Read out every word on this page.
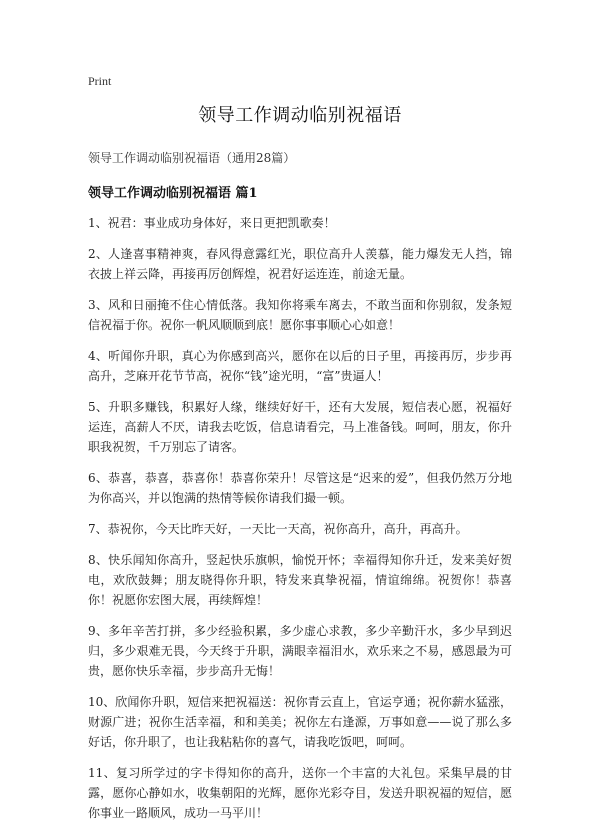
Print
领导工作调动临别祝福语

领导工作调动临别祝福语（通用28篇）

领导工作调动临别祝福语 篇1

1、祝君：事业成功身体好，来日更把凯歌奏！

2、人逢喜事精神爽，春风得意露红光，职位高升人羡慕，能力爆发无人挡，锦衣披上祥云降，再接再厉创辉煌，祝君好运连连，前途无量。

3、风和日丽掩不住心情低落。我知你将乘车离去，不敢当面和你别叙，发条短信祝福于你。祝你一帆风顺顺到底！愿你事事顺心心如意！

4、听闻你升职，真心为你感到高兴，愿你在以后的日子里，再接再厉，步步再高升，芝麻开花节节高，祝你“钱”途光明，“富”贵逼人！

5、升职多赚钱，积累好人缘，继续好好干，还有大发展，短信表心愿，祝福好运连，高薪人不厌，请我去吃饭，信息请看完，马上准备钱。呵呵，朋友，你升职我祝贺，千万别忘了请客。

6、恭喜，恭喜，恭喜你！恭喜你荣升！尽管这是“迟来的爱”，但我仍然万分地为你高兴，并以饱满的热情等候你请我们撮一顿。

7、恭祝你，今天比昨天好，一天比一天高，祝你高升，高升，再高升。

8、快乐闻知你高升，竖起快乐旗帜，愉悦开怀；幸福得知你升迁，发来美好贺电，欢欣鼓舞；朋友晓得你升职，特发来真挚祝福，情谊绵绵。祝贺你！恭喜你！祝愿你宏图大展，再续辉煌！

9、多年辛苦打拼，多少经验积累，多少虚心求教，多少辛勤汗水，多少早到迟归，多少艰难无畏，今天终于升职，满眼幸福泪水，欢乐来之不易，感恩最为可贵，愿你快乐幸福，步步高升无悔！

10、欣闻你升职，短信来把祝福送：祝你青云直上，官运亨通；祝你薪水猛涨，财源广进；祝你生活幸福，和和美美；祝你左右逢源，万事如意——说了那么多好话，你升职了，也让我粘粘你的喜气，请我吃饭吧，呵呵。

11、复习所学过的字卡得知你的高升，送你一个丰富的大礼包。采集早晨的甘露，愿你心静如水，收集朝阳的光辉，愿你光彩夺目，发送升职祝福的短信，愿你事业一路顺风，成功一马平川！
